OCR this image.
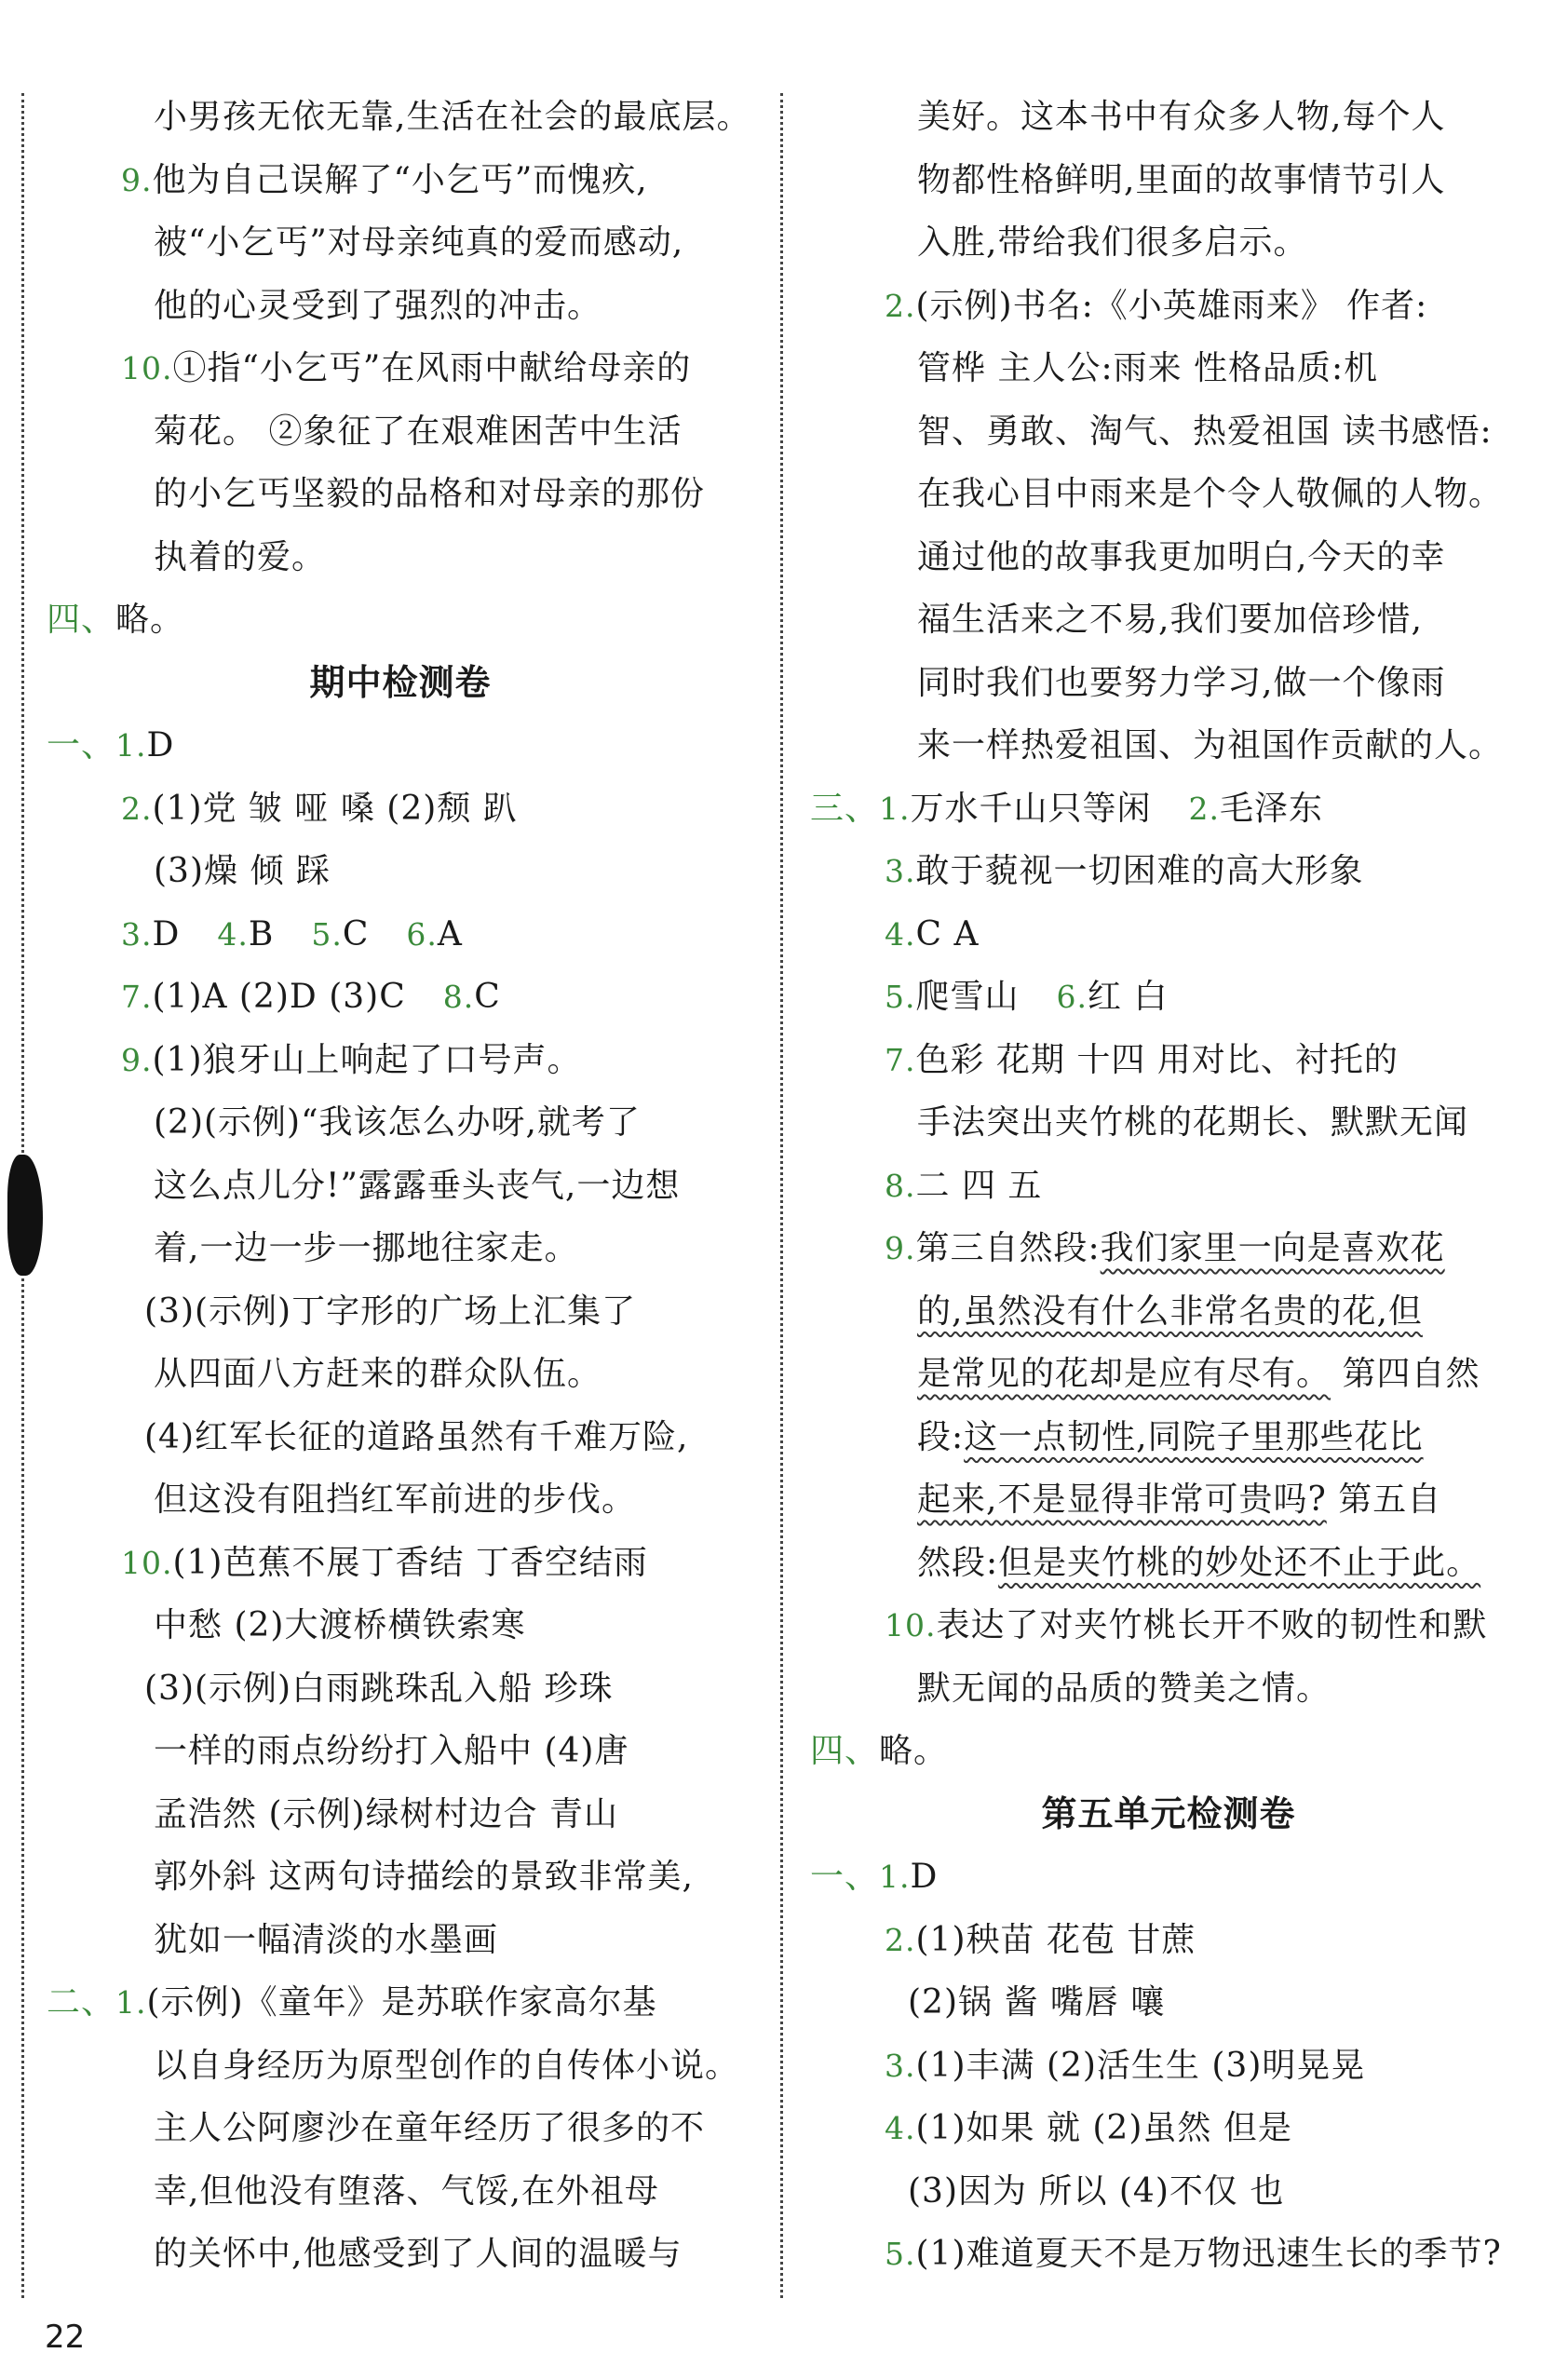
小男孩无依无靠,生活在社会的最底层。
9.他为自己误解了“小乞丐”而愧疚,
被“小乞丐”对母亲纯真的爱而感动,
他的心灵受到了强烈的冲击。
10.①指“小乞丐”在风雨中献给母亲的
菊花。 ②象征了在艰难困苦中生活
的小乞丐坚毅的品格和对母亲的那份
执着的爱。
四、略。
期中检测卷
一、1.D
2.(1)党 皱 哑 嗓 (2)颓 趴
(3)燥 倾 踩
3.D 4.B 5.C 6.A
7.(1)A (2)D (3)C 8.C
9.(1)狼牙山上响起了口号声。
(2)(示例)“我该怎么办呀,就考了
这么点儿分!”露露垂头丧气,一边想
着,一边一步一挪地往家走。
(3)(示例)丁字形的广场上汇集了
从四面八方赶来的群众队伍。
(4)红军长征的道路虽然有千难万险,
但这没有阻挡红军前进的步伐。
10.(1)芭蕉不展丁香结 丁香空结雨
中愁 (2)大渡桥横铁索寒
(3)(示例)白雨跳珠乱入船 珍珠
一样的雨点纷纷打入船中 (4)唐
孟浩然 (示例)绿树村边合 青山
郭外斜 这两句诗描绘的景致非常美,
犹如一幅清淡的水墨画
二、1.(示例)《童年》是苏联作家高尔基
以自身经历为原型创作的自传体小说。
主人公阿廖沙在童年经历了很多的不
幸,但他没有堕落、气馁,在外祖母
的关怀中,他感受到了人间的温暖与
美好。这本书中有众多人物,每个人
物都性格鲜明,里面的故事情节引人
入胜,带给我们很多启示。
2.(示例)书名:《小英雄雨来》 作者:
管桦 主人公:雨来 性格品质:机
智、勇敢、淘气、热爱祖国 读书感悟:
在我心目中雨来是个令人敬佩的人物。
通过他的故事我更加明白,今天的幸
福生活来之不易,我们要加倍珍惜,
同时我们也要努力学习,做一个像雨
来一样热爱祖国、为祖国作贡献的人。
三、1.万水千山只等闲 2.毛泽东
3.敢于藐视一切困难的高大形象
4.C A
5.爬雪山 6.红 白
7.色彩 花期 十四 用对比、衬托的
手法突出夹竹桃的花期长、默默无闻
8.二 四 五
9.第三自然段:我们家里一向是喜欢花
的,虽然没有什么非常名贵的花,但
是常见的花却是应有尽有。 第四自然
段:这一点韧性,同院子里那些花比
起来,不是显得非常可贵吗? 第五自
然段:但是夹竹桃的妙处还不止于此。
10.表达了对夹竹桃长开不败的韧性和默
默无闻的品质的赞美之情。
四、略。
第五单元检测卷
一、1.D
2.(1)秧苗 花苞 甘蔗
(2)锅 酱 嘴唇 嚷
3.(1)丰满 (2)活生生 (3)明晃晃
4.(1)如果 就 (2)虽然 但是
(3)因为 所以 (4)不仅 也
5.(1)难道夏天不是万物迅速生长的季节?
22
